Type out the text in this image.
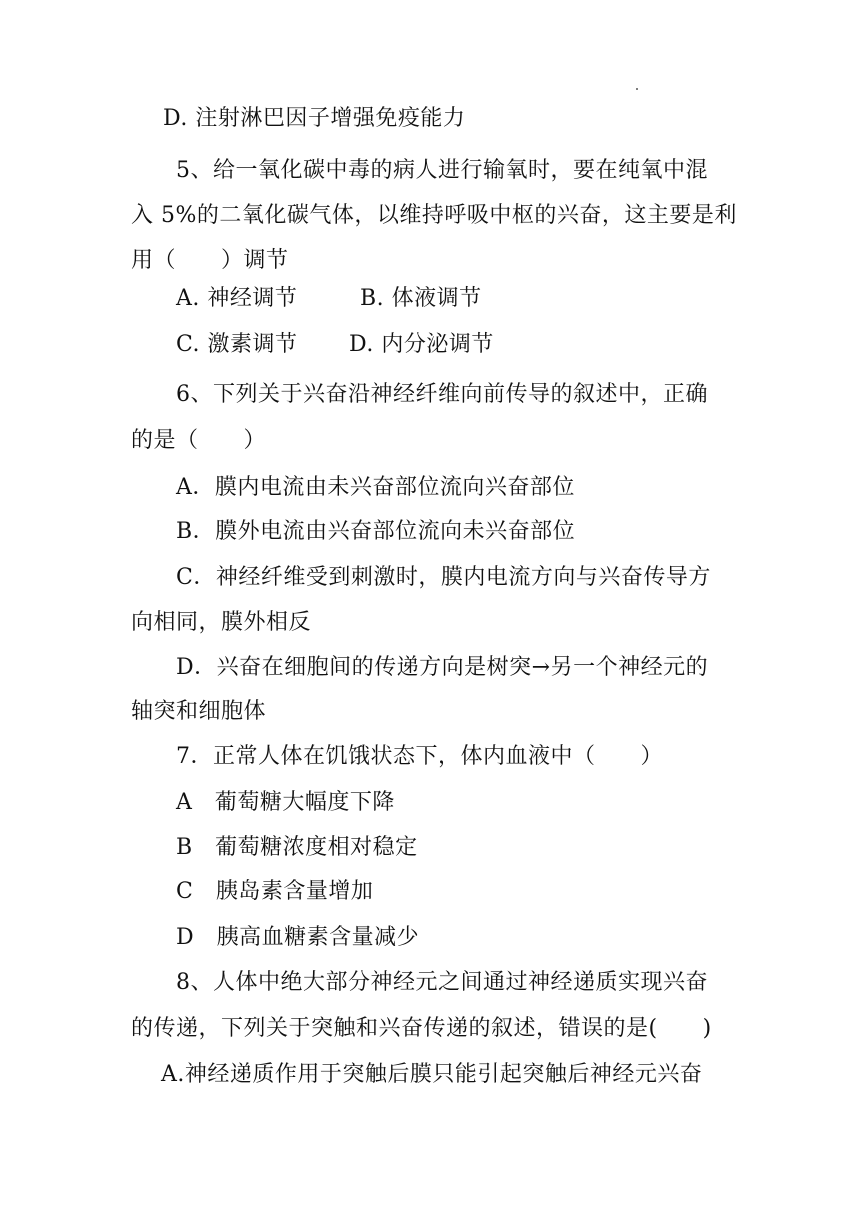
D. 注射淋巴因子增强免疫能力
5、给一氧化碳中毒的病人进行输氧时，要在纯氧中混
入 5%的二氧化碳气体，以维持呼吸中枢的兴奋，这主要是利
用（　　）调节
A. 神经调节	B. 体液调节
C. 激素调节 D. 内分泌调节
6、下列关于兴奋沿神经纤维向前传导的叙述中，正确
的是（　　）
A．膜内电流由未兴奋部位流向兴奋部位
B．膜外电流由兴奋部位流向未兴奋部位
C．神经纤维受到刺激时，膜内电流方向与兴奋传导方
向相同，膜外相反
D．兴奋在细胞间的传递方向是树突→另一个神经元的
轴突和细胞体
7．正常人体在饥饿状态下，体内血液中（　　）
A　葡萄糖大幅度下降
B　葡萄糖浓度相对稳定
C　胰岛素含量增加
D　胰高血糖素含量减少
8、人体中绝大部分神经元之间通过神经递质实现兴奋
的传递，下列关于突触和兴奋传递的叙述，错误的是(　　)
A.神经递质作用于突触后膜只能引起突触后神经元兴奋
